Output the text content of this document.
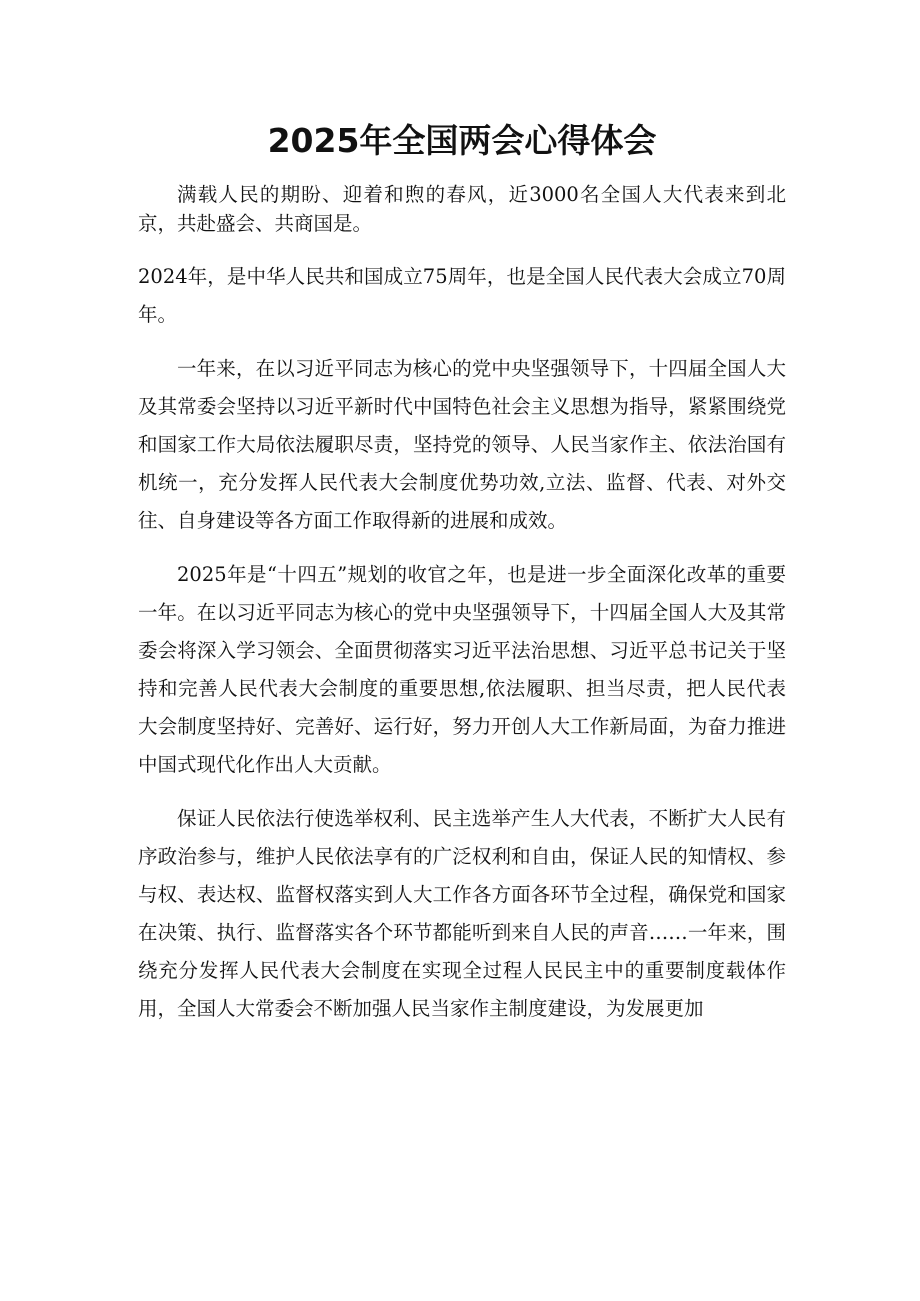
2025年全国两会心得体会

满载人民的期盼、迎着和煦的春风，近3000名全国人大代表来到北京，共赴盛会、共商国是。

2024年，是中华人民共和国成立75周年，也是全国人民代表大会成立70周年。

一年来，在以习近平同志为核心的党中央坚强领导下，十四届全国人大及其常委会坚持以习近平新时代中国特色社会主义思想为指导，紧紧围绕党和国家工作大局依法履职尽责，坚持党的领导、人民当家作主、依法治国有机统一，充分发挥人民代表大会制度优势功效,立法、监督、代表、对外交往、自身建设等各方面工作取得新的进展和成效。

2025年是“十四五”规划的收官之年，也是进一步全面深化改革的重要一年。在以习近平同志为核心的党中央坚强领导下，十四届全国人大及其常委会将深入学习领会、全面贯彻落实习近平法治思想、习近平总书记关于坚持和完善人民代表大会制度的重要思想,依法履职、担当尽责，把人民代表大会制度坚持好、完善好、运行好，努力开创人大工作新局面，为奋力推进中国式现代化作出人大贡献。

保证人民依法行使选举权利、民主选举产生人大代表，不断扩大人民有序政治参与，维护人民依法享有的广泛权利和自由，保证人民的知情权、参与权、表达权、监督权落实到人大工作各方面各环节全过程，确保党和国家在决策、执行、监督落实各个环节都能听到来自人民的声音……一年来，围绕充分发挥人民代表大会制度在实现全过程人民民主中的重要制度载体作用，全国人大常委会不断加强人民当家作主制度建设，为发展更加
